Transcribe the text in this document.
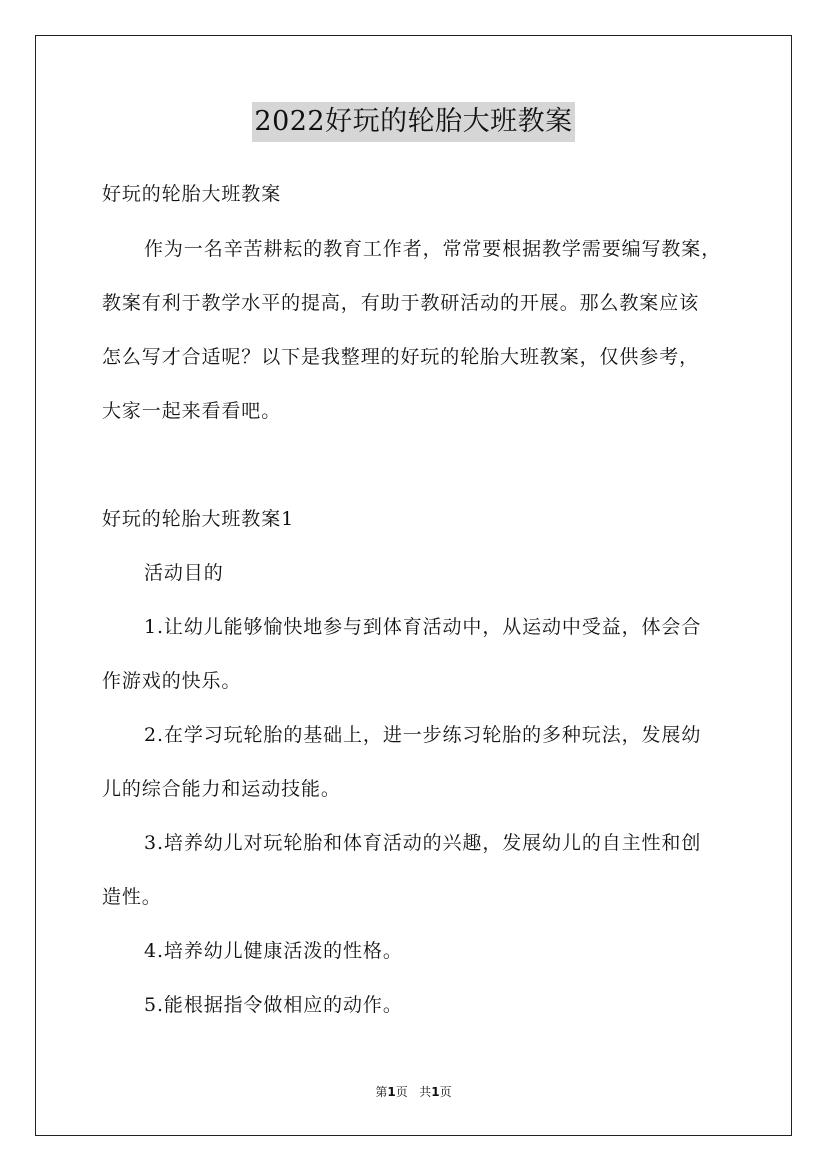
2022好玩的轮胎大班教案
好玩的轮胎大班教案
作为一名辛苦耕耘的教育工作者，常常要根据教学需要编写教案，
教案有利于教学水平的提高，有助于教研活动的开展。那么教案应该
怎么写才合适呢？以下是我整理的好玩的轮胎大班教案，仅供参考，
大家一起来看看吧。
好玩的轮胎大班教案1
活动目的
1.让幼儿能够愉快地参与到体育活动中，从运动中受益，体会合
作游戏的快乐。
2.在学习玩轮胎的基础上，进一步练习轮胎的多种玩法，发展幼
儿的综合能力和运动技能。
3.培养幼儿对玩轮胎和体育活动的兴趣，发展幼儿的自主性和创
造性。
4.培养幼儿健康活泼的性格。
5.能根据指令做相应的动作。
第1页 共1页
